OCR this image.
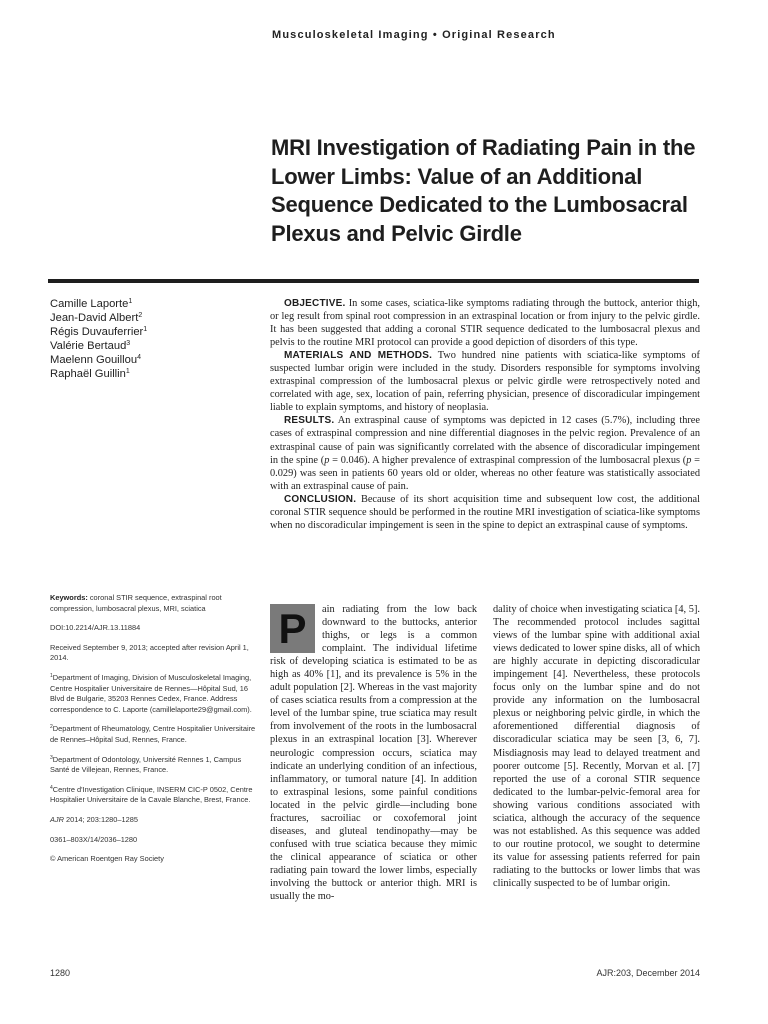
Musculoskeletal Imaging • Original Research
MRI Investigation of Radiating Pain in the Lower Limbs: Value of an Additional Sequence Dedicated to the Lumbosacral Plexus and Pelvic Girdle
Camille Laporte$^1$
Jean-David Albert$^2$
Régis Duvauferrier$^1$
Valérie Bertaud$^3$
Maelenn Gouillou$^4$
Raphaël Guillin$^1$

OBJECTIVE. In some cases, sciatica-like symptoms radiating through the buttock, anterior thigh, or leg result from spinal root compression in an extraspinal location or from injury to the pelvic girdle. It has been suggested that adding a coronal STIR sequence dedicated to the lumbosacral plexus and pelvis to the routine MRI protocol can provide a good depiction of disorders of this type.

MATERIALS AND METHODS. Two hundred nine patients with sciatica-like symptoms of suspected lumbar origin were included in the study. Disorders responsible for symptoms involving extraspinal compression of the lumbosacral plexus or pelvic girdle were retrospectively noted and correlated with age, sex, location of pain, referring physician, presence of discoradicular impingement liable to explain symptoms, and history of neoplasia.

RESULTS. An extraspinal cause of symptoms was depicted in 12 cases (5.7%), including three cases of extraspinal compression and nine differential diagnoses in the pelvic region. Prevalence of an extraspinal cause of pain was significantly correlated with the absence of discoradicular impingement in the spine (p = 0.046). A higher prevalence of extraspinal compression of the lumbosacral plexus (p = 0.029) was seen in patients 60 years old or older, whereas no other feature was statistically associated with an extraspinal cause of pain.

CONCLUSION. Because of its short acquisition time and subsequent low cost, the additional coronal STIR sequence should be performed in the routine MRI investigation of sciatica-like symptoms when no discoradicular impingement is seen in the spine to depict an extraspinal cause of symptoms.

Keywords: coronal STIR sequence, extraspinal root compression, lumbosacral plexus, MRI, sciatica
DOI:10.2214/AJR.13.11884
Received September 9, 2013; accepted after revision April 1, 2014.
$^1$Department of Imaging, Division of Musculoskeletal Imaging, Centre Hospitalier Universitaire de Rennes—Hôpital Sud, 16 Blvd de Bulgarie, 35203 Rennes Cedex, France. Address correspondence to C. Laporte (camillelaporte29@gmail.com).
$^2$Department of Rheumatology, Centre Hospitalier Universitaire de Rennes–Hôpital Sud, Rennes, France.
$^3$Department of Odontology, Université Rennes 1, Campus Santé de Villejean, Rennes, France.
$^4$Centre d'Investigation Clinique, INSERM CIC-P 0502, Centre Hospitalier Universitaire de la Cavale Blanche, Brest, France.
AJR 2014; 203:1280–1285
0361–803X/14/2036–1280
© American Roentgen Ray Society
P	ain radiating from the low back downward to the buttocks, anterior thighs, or legs is a common complaint. The individual lifetime risk of developing sciatica is estimated to be as high as 40% [1], and its prevalence is 5% in the adult population [2]. Whereas in the vast majority of cases sciatica results from a compression at the level of the lumbar spine, true sciatica may result from involvement of the roots in the lumbosacral plexus in an extraspinal location [3]. Wherever neurologic compression occurs, sciatica may indicate an underlying condition of an infectious, inflammatory, or tumoral nature [4]. In addition to extraspinal lesions, some painful conditions located in the pelvic girdle—including bone fractures, sacroiliac or coxofemoral joint diseases, and gluteal tendinopathy—may be confused with true sciatica because they mimic the clinical appearance of sciatica or other radiating pain toward the lower limbs, especially involving the buttock or anterior thigh. MRI is usually the mo-
dality of choice when investigating sciatica [4, 5]. The recommended protocol includes sagittal views of the lumbar spine with additional axial views dedicated to lower spine disks, all of which are highly accurate in depicting discoradicular impingement [4]. Nevertheless, these protocols focus only on the lumbar spine and do not provide any information on the lumbosacral plexus or neighboring pelvic girdle, in which the aforementioned differential diagnosis of discoradicular sciatica may be seen [3, 6, 7]. Misdiagnosis may lead to delayed treatment and poorer outcome [5]. Recently, Morvan et al. [7] reported the use of a coronal STIR sequence dedicated to the lumbar-pelvic-femoral area for showing various conditions associated with sciatica, although the accuracy of the sequence was not established. As this sequence was added to our routine protocol, we sought to determine its value for assessing patients referred for pain radiating to the buttocks or lower limbs that was clinically suspected to be of lumbar origin.
1280	AJR:203, December 2014
